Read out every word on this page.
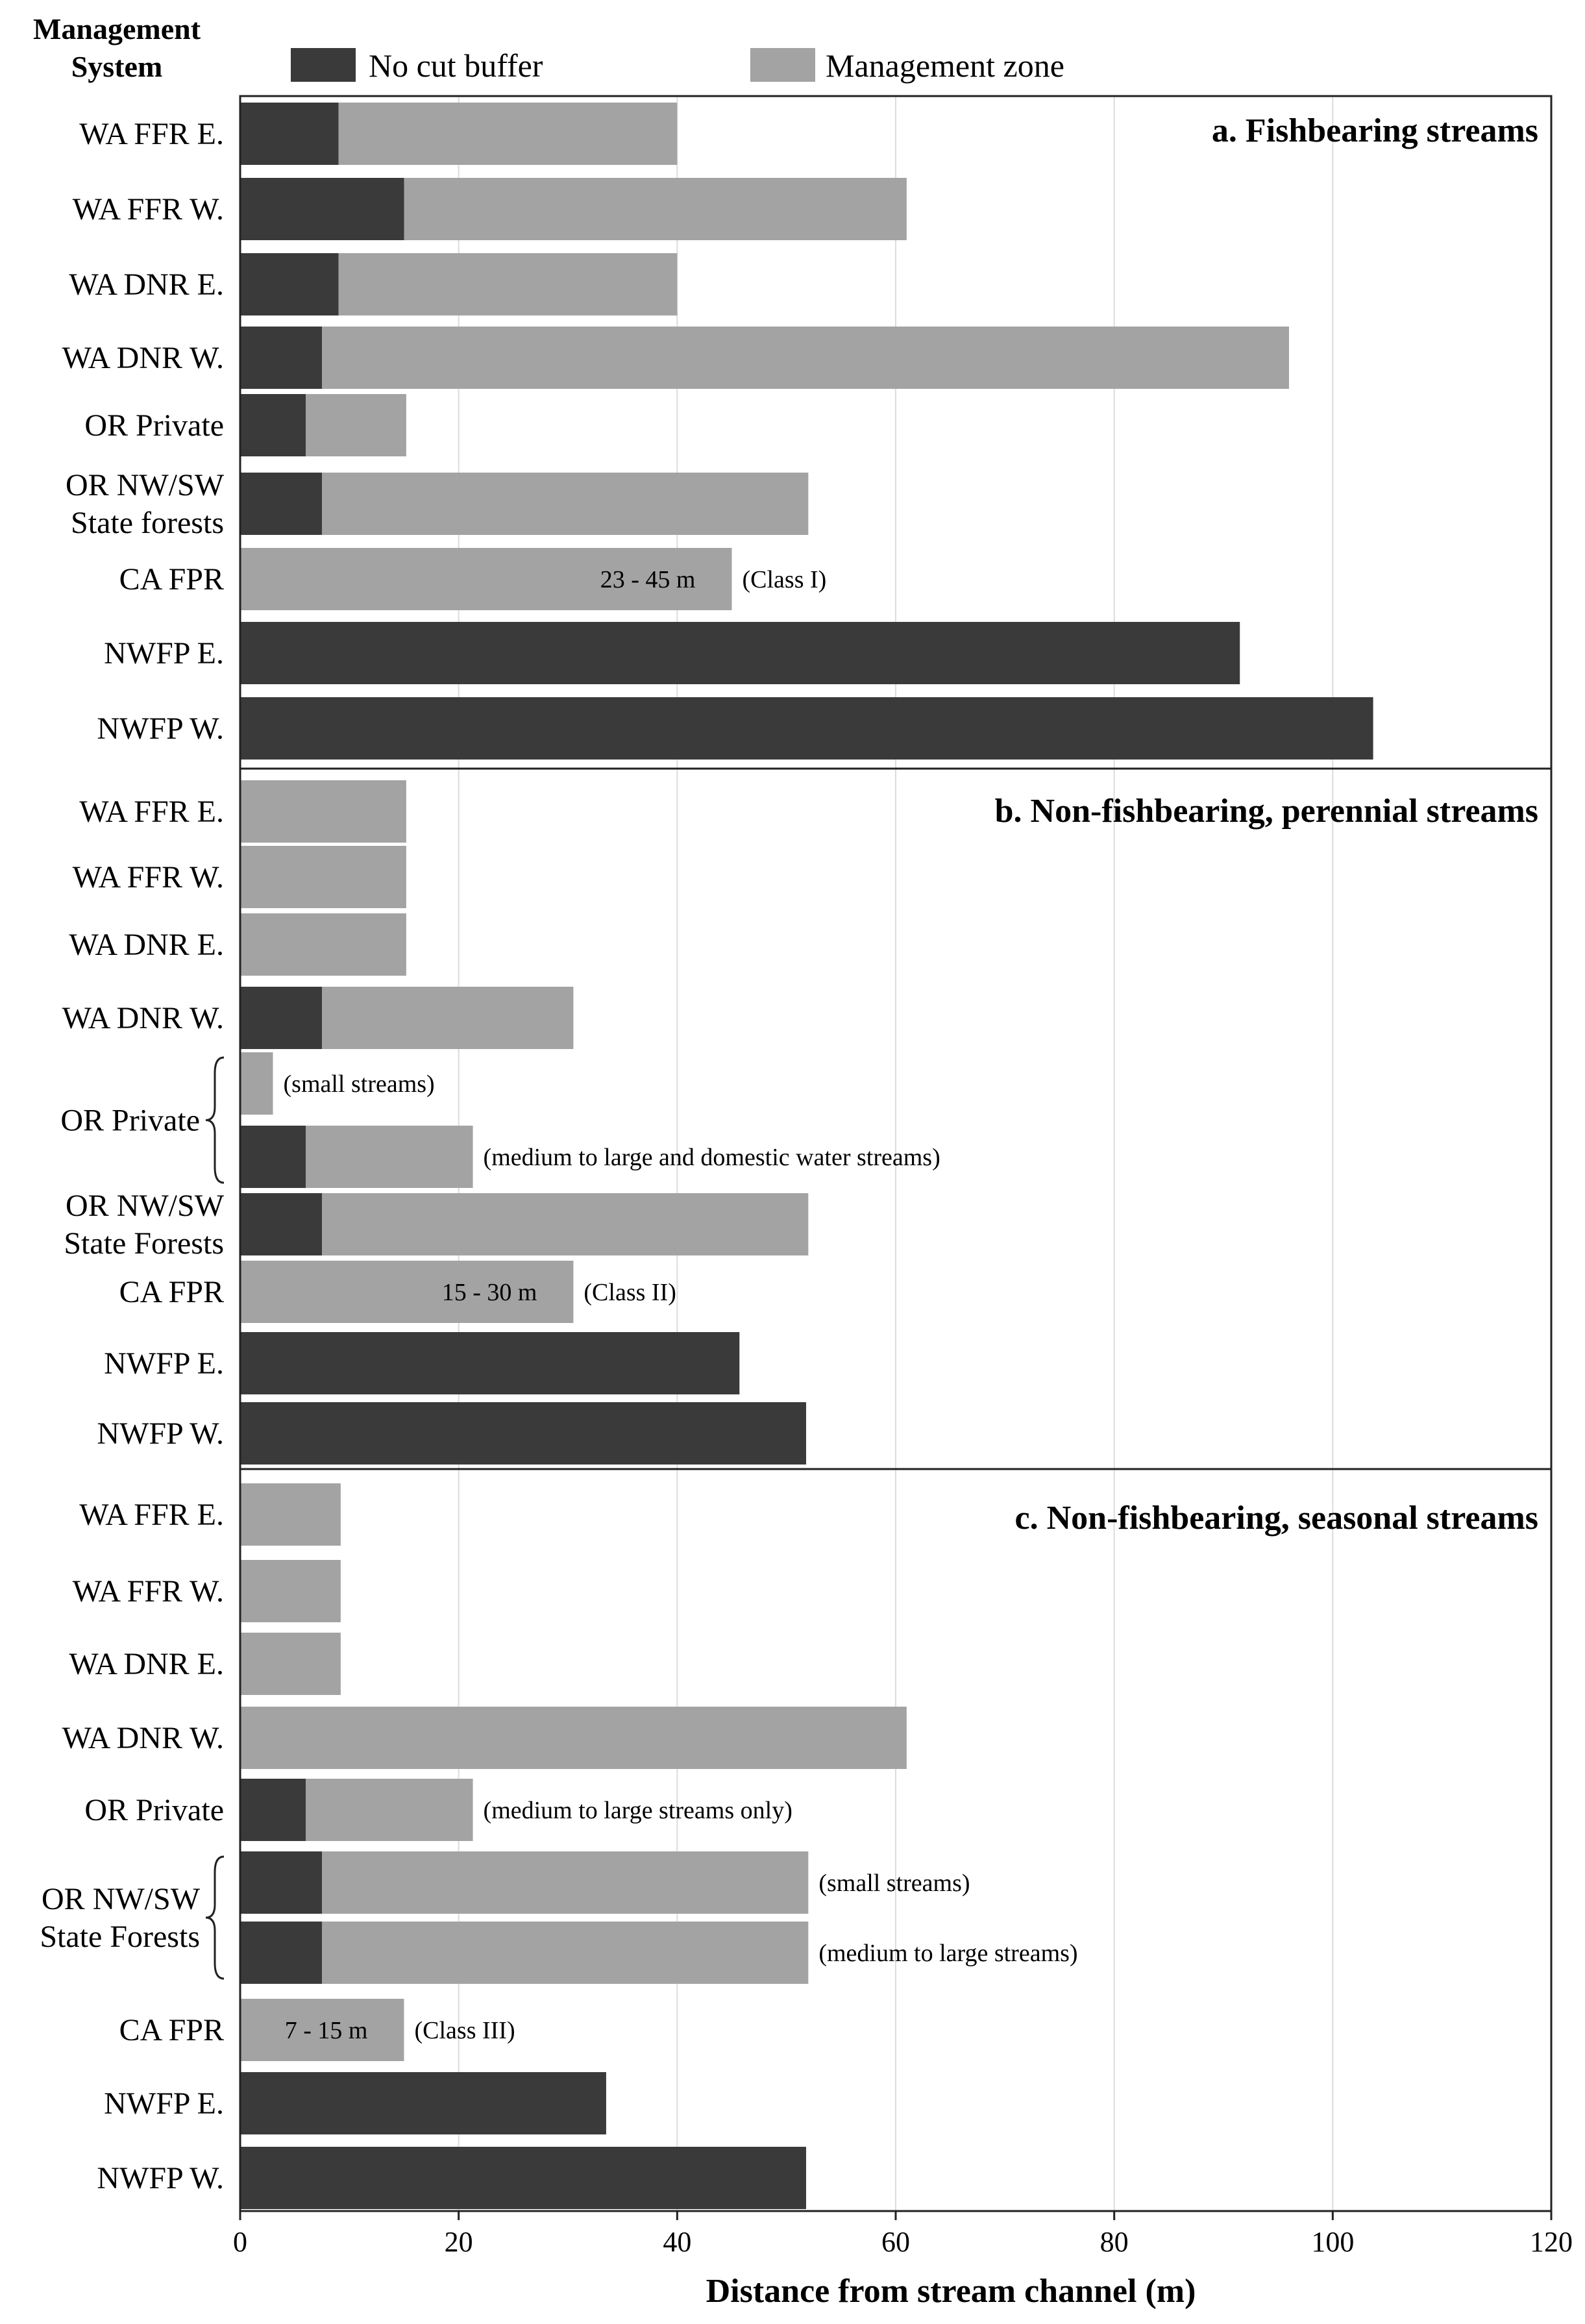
Management
System	No cut buffer	Management zone
a. Fishbearing streams
WA FFR E.
WA FFR W.
WA DNR E.
WA DNR W.
OR Private
OR NW/SW
State forests
23 - 45 m (Class I)
CA FPR
NWFP E.
NWFP W.
b. Non-fishbearing, perennial streams
WA FFR E.
WA FFR W.
WA DNR E.
WA DNR W.
(small streams)
OR Private
(medium to large and domestic water streams)
OR NW/SW
State Forests
15 - 30 m (Class II)
CA FPR
NWFP E.
NWFP W.
c. Non-fishbearing, seasonal streams
WA FFR E.
WA FFR W.
WA DNR E.
WA DNR W.
(medium to large streams only)
OR Private
(small streams)
OR NW/SW
State Forests	(medium to large streams)
7 - 15 m (Class III)
CA FPR
NWFP E.
NWFP W.
0	20	40	60	80	100	120
Distance from stream channel (m)
